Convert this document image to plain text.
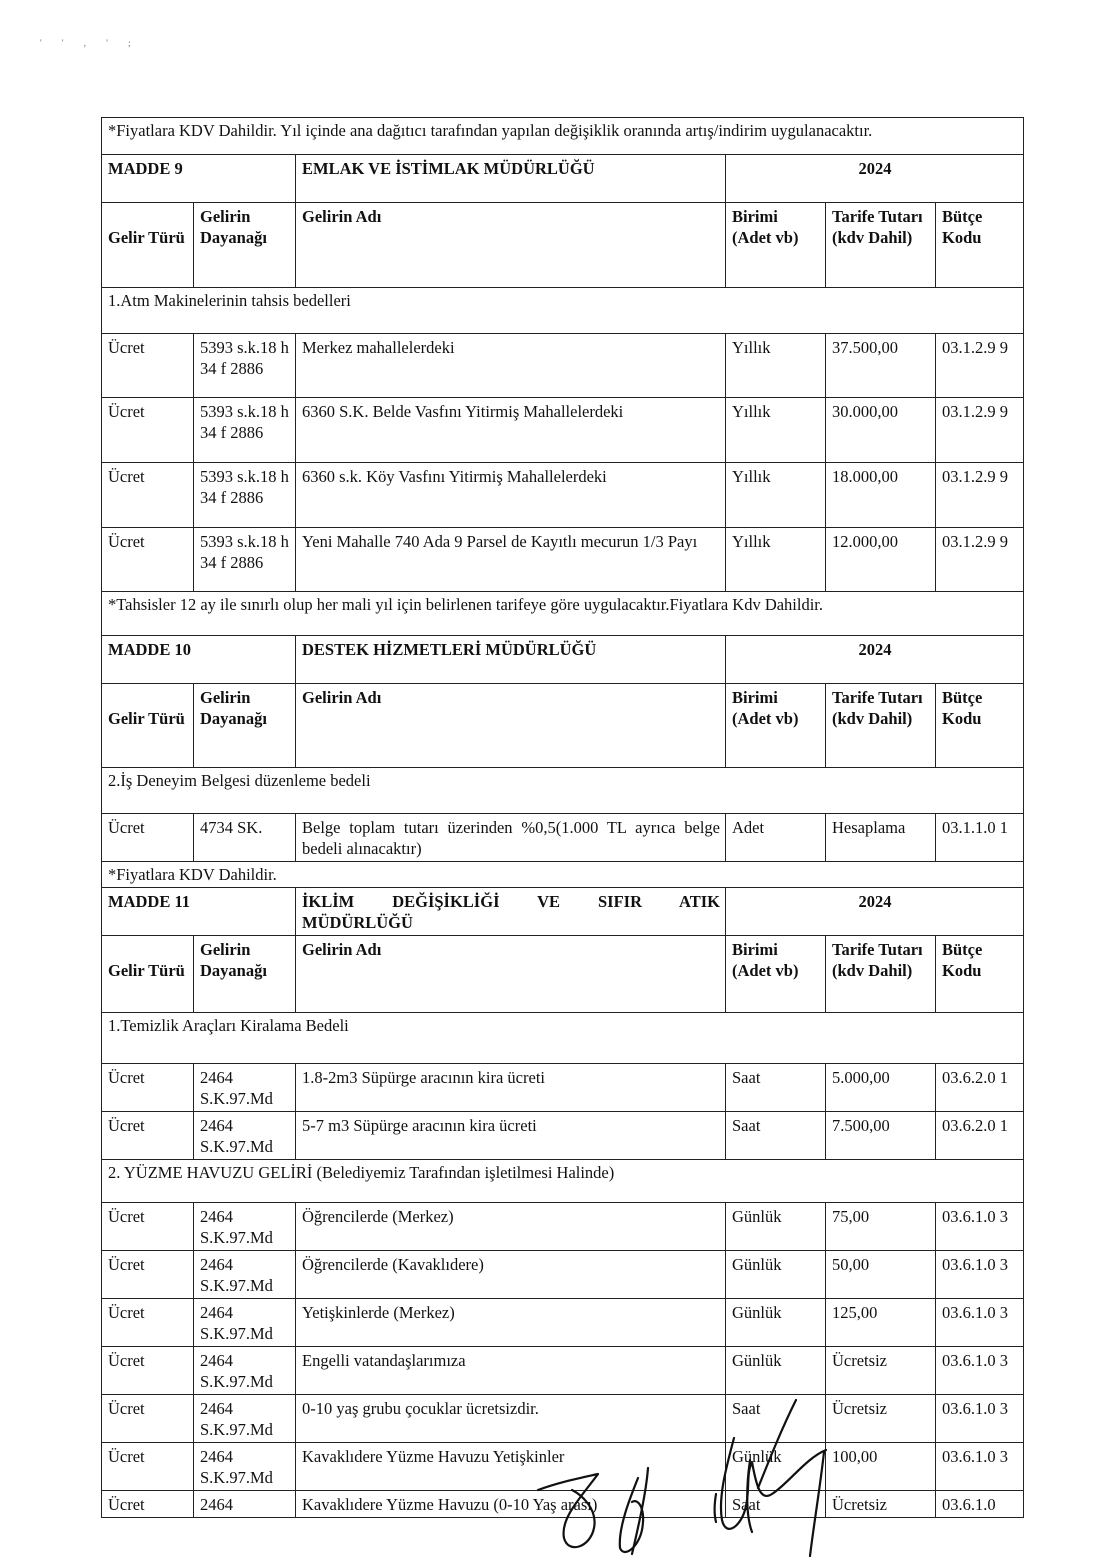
' ' , ' ;
*Fiyatlara KDV Dahildir. Yıl içinde ana dağıtıcı tarafından yapılan değişiklik oranında artış/indirim uygulanacaktır.					
MADDE 9		EMLAK VE İSTİMLAK MÜDÜRLÜĞÜ	2024		
Gelir Türü	Gelirin Dayanağı	Gelirin Adı	Birimi (Adet vb)	Tarife Tutarı (kdv Dahil)	Bütçe Kodu
1.Atm Makinelerinin tahsis bedelleri					
Ücret	5393 s.k.18 h 34 f 2886	Merkez mahallelerdeki	Yıllık	37.500,00	03.1.2.9 9
Ücret	5393 s.k.18 h 34 f 2886	6360 S.K. Belde Vasfını Yitirmiş Mahallelerdeki	Yıllık	30.000,00	03.1.2.9 9
Ücret	5393 s.k.18 h 34 f 2886	6360 s.k. Köy Vasfını Yitirmiş Mahallelerdeki	Yıllık	18.000,00	03.1.2.9 9
Ücret	5393 s.k.18 h 34 f 2886	Yeni Mahalle 740 Ada 9 Parsel de Kayıtlı mecurun 1/3 Payı	Yıllık	12.000,00	03.1.2.9 9
*Tahsisler 12 ay ile sınırlı olup her mali yıl için belirlenen tarifeye göre uygulacaktır.Fiyatlara Kdv Dahildir.					
MADDE 10		DESTEK HİZMETLERİ MÜDÜRLÜĞÜ	2024		
Gelir Türü	Gelirin Dayanağı	Gelirin Adı	Birimi (Adet vb)	Tarife Tutarı (kdv Dahil)	Bütçe Kodu
2.İş Deneyim Belgesi düzenleme bedeli					
Ücret	4734 SK.	Belge toplam tutarı üzerinden %0,5(1.000 TL ayrıca belge bedeli alınacaktır)	Adet	Hesaplama	03.1.1.0 1
*Fiyatlara KDV Dahildir.					
MADDE 11		İKLİM DEĞİŞİKLİĞİ VE SIFIR ATIK
MÜDÜRLÜĞÜ	2024		
Gelir Türü	Gelirin Dayanağı	Gelirin Adı	Birimi (Adet vb)	Tarife Tutarı (kdv Dahil)	Bütçe Kodu
1.Temizlik Araçları Kiralama Bedeli					
Ücret	2464 S.K.97.Md	1.8-2m3 Süpürge aracının kira ücreti	Saat	5.000,00	03.6.2.0 1
Ücret	2464 S.K.97.Md	5-7 m3 Süpürge aracının kira ücreti	Saat	7.500,00	03.6.2.0 1
2. YÜZME HAVUZU GELİRİ (Belediyemiz Tarafından işletilmesi Halinde)					
Ücret	2464 S.K.97.Md	Öğrencilerde (Merkez)	Günlük	75,00	03.6.1.0 3
Ücret	2464 S.K.97.Md	Öğrencilerde (Kavaklıdere)	Günlük	50,00	03.6.1.0 3
Ücret	2464 S.K.97.Md	Yetişkinlerde (Merkez)	Günlük	125,00	03.6.1.0 3
Ücret	2464 S.K.97.Md	Engelli vatandaşlarımıza	Günlük	Ücretsiz	03.6.1.0 3
Ücret	2464 S.K.97.Md	0-10 yaş grubu çocuklar ücretsizdir.	Saat	Ücretsiz	03.6.1.0 3
Ücret	2464 S.K.97.Md	Kavaklıdere Yüzme Havuzu Yetişkinler	Günlük	100,00	03.6.1.0 3
Ücret	2464	Kavaklıdere Yüzme Havuzu (0-10 Yaş arası)	Saat	Ücretsiz	03.6.1.0
